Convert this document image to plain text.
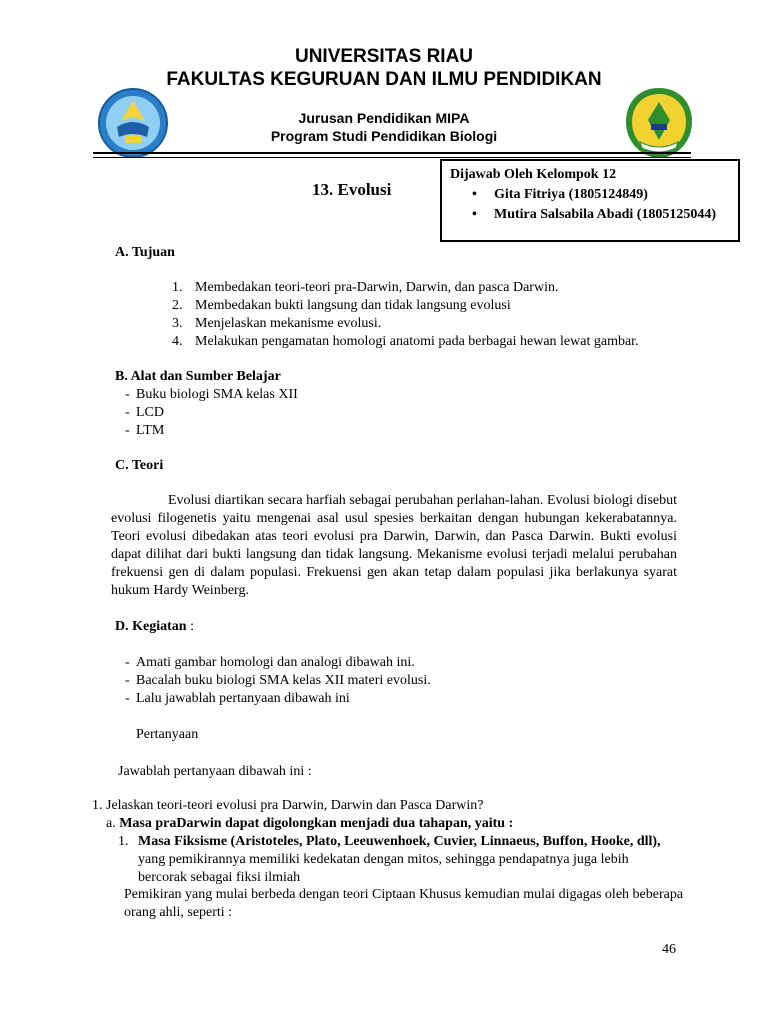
UNIVERSITAS RIAU
FAKULTAS KEGURUAN DAN ILMU PENDIDIKAN
Jurusan Pendidikan MIPA
Program Studi Pendidikan Biologi
13. Evolusi
Dijawab Oleh Kelompok 12
• Gita Fitriya (1805124849)
• Mutira Salsabila Abadi (1805125044)
A. Tujuan
1. Membedakan teori-teori pra-Darwin, Darwin, dan pasca Darwin.
2. Membedakan bukti langsung dan tidak langsung evolusi
3. Menjelaskan mekanisme evolusi.
4. Melakukan pengamatan homologi anatomi pada berbagai hewan lewat gambar.
B. Alat dan Sumber Belajar
- Buku biologi SMA kelas XII
- LCD
- LTM
C. Teori
Evolusi diartikan secara harfiah sebagai perubahan perlahan-lahan. Evolusi biologi disebut evolusi filogenetis yaitu mengenai asal usul spesies berkaitan dengan hubungan kekerabatannya. Teori evolusi dibedakan atas teori evolusi pra Darwin, Darwin, dan Pasca Darwin. Bukti evolusi dapat dilihat dari bukti langsung dan tidak langsung. Mekanisme evolusi terjadi melalui perubahan frekuensi gen di dalam populasi. Frekuensi gen akan tetap dalam populasi jika berlakunya syarat hukum Hardy Weinberg.
D. Kegiatan :
- Amati gambar homologi dan analogi dibawah ini.
- Bacalah buku biologi SMA kelas XII materi evolusi.
- Lalu jawablah pertanyaan dibawah ini
Pertanyaan
Jawablah pertanyaan dibawah ini :
1. Jelaskan teori-teori evolusi pra Darwin, Darwin dan Pasca Darwin?
a. Masa praDarwin dapat digolongkan menjadi dua tahapan, yaitu :
1. Masa Fiksisme (Aristoteles, Plato, Leeuwenhoek, Cuvier, Linnaeus, Buffon, Hooke, dll), yang pemikirannya memiliki kedekatan dengan mitos, sehingga pendapatnya juga lebih bercorak sebagai fiksi ilmiah
Pemikiran yang mulai berbeda dengan teori Ciptaan Khusus kemudian mulai digagas oleh beberapa orang ahli, seperti :
46
